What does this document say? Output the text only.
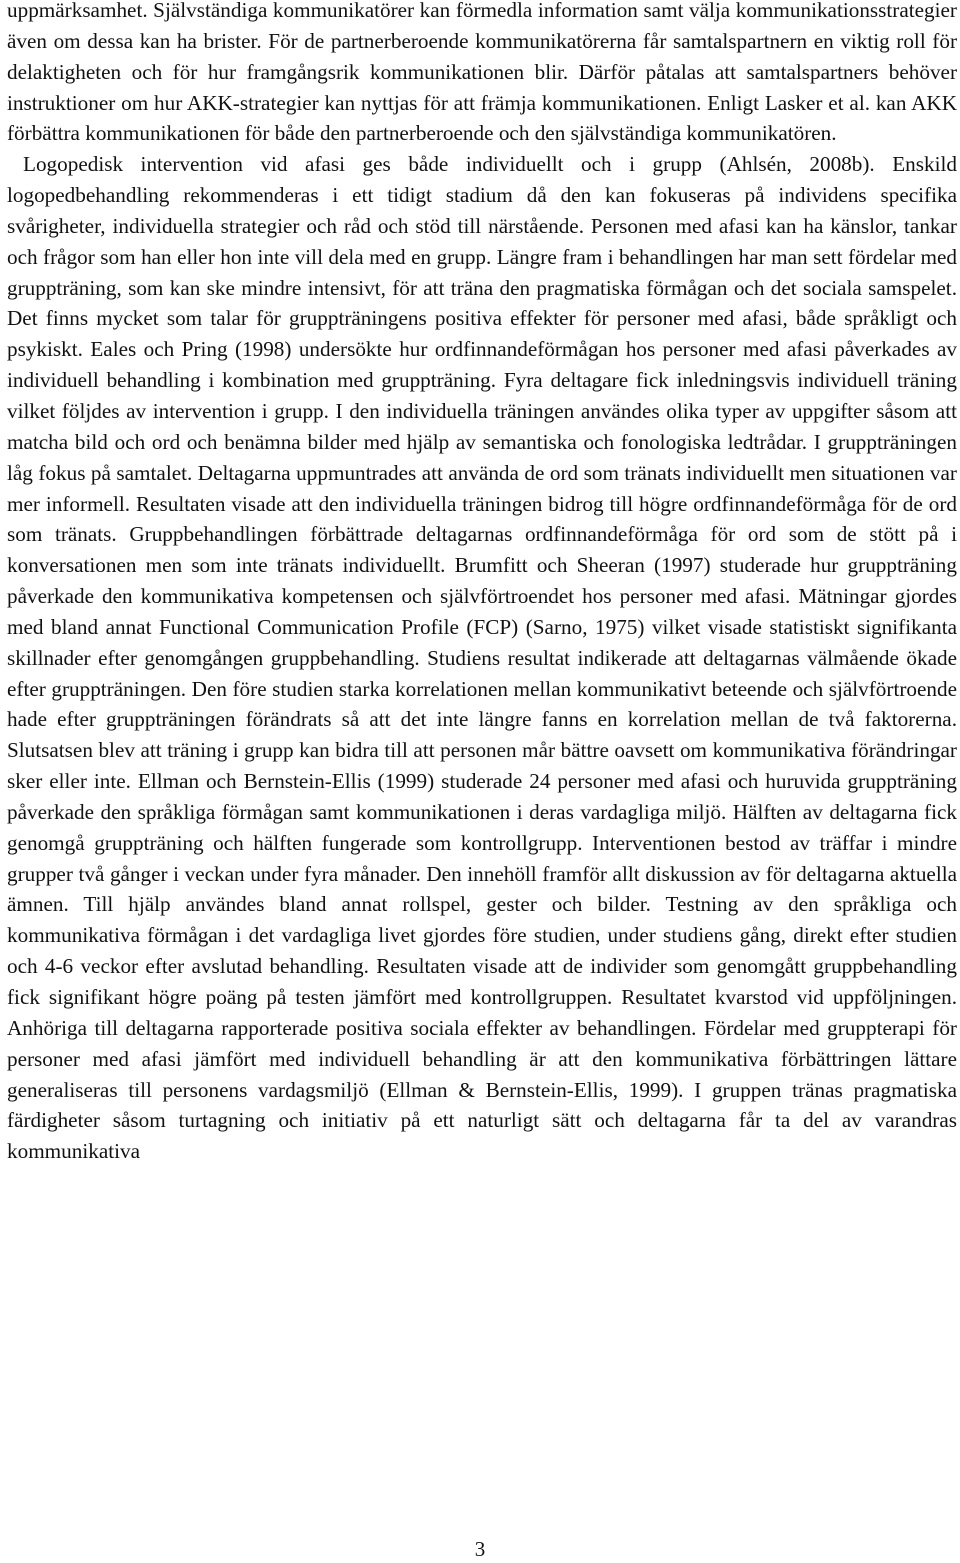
uppmärksamhet. Självständiga kommunikatörer kan förmedla information samt välja kommunikationsstrategier även om dessa kan ha brister. För de partnerberoende kommunikatörerna får samtalspartnern en viktig roll för delaktigheten och för hur framgångsrik kommunikationen blir. Därför påtalas att samtalspartners behöver instruktioner om hur AKK-strategier kan nyttjas för att främja kommunikationen. Enligt Lasker et al. kan AKK förbättra kommunikationen för både den partnerberoende och den självständiga kommunikatören.

Logopedisk intervention vid afasi ges både individuellt och i grupp (Ahlsén, 2008b). Enskild logopedbehandling rekommenderas i ett tidigt stadium då den kan fokuseras på individens specifika svårigheter, individuella strategier och råd och stöd till närstående. Personen med afasi kan ha känslor, tankar och frågor som han eller hon inte vill dela med en grupp. Längre fram i behandlingen har man sett fördelar med gruppträning, som kan ske mindre intensivt, för att träna den pragmatiska förmågan och det sociala samspelet. Det finns mycket som talar för gruppträningens positiva effekter för personer med afasi, både språkligt och psykiskt. Eales och Pring (1998) undersökte hur ordfinnandeförmågan hos personer med afasi påverkades av individuell behandling i kombination med gruppträning. Fyra deltagare fick inledningsvis individuell träning vilket följdes av intervention i grupp. I den individuella träningen användes olika typer av uppgifter såsom att matcha bild och ord och benämna bilder med hjälp av semantiska och fonologiska ledtrådar. I gruppträningen låg fokus på samtalet. Deltagarna uppmuntrades att använda de ord som tränats individuellt men situationen var mer informell. Resultaten visade att den individuella träningen bidrog till högre ordfinnandeförmåga för de ord som tränats. Gruppbehandlingen förbättrade deltagarnas ordfinnandeförmåga för ord som de stött på i konversationen men som inte tränats individuellt. Brumfitt och Sheeran (1997) studerade hur gruppträning påverkade den kommunikativa kompetensen och självförtroendet hos personer med afasi. Mätningar gjordes med bland annat Functional Communication Profile (FCP) (Sarno, 1975) vilket visade statistiskt signifikanta skillnader efter genomgången gruppbehandling. Studiens resultat indikerade att deltagarnas välmående ökade efter gruppträningen. Den före studien starka korrelationen mellan kommunikativt beteende och självförtroende hade efter gruppträningen förändrats så att det inte längre fanns en korrelation mellan de två faktorerna. Slutsatsen blev att träning i grupp kan bidra till att personen mår bättre oavsett om kommunikativa förändringar sker eller inte. Ellman och Bernstein-Ellis (1999) studerade 24 personer med afasi och huruvida gruppträning påverkade den språkliga förmågan samt kommunikationen i deras vardagliga miljö. Hälften av deltagarna fick genomgå gruppträning och hälften fungerade som kontrollgrupp. Interventionen bestod av träffar i mindre grupper två gånger i veckan under fyra månader. Den innehöll framför allt diskussion av för deltagarna aktuella ämnen. Till hjälp användes bland annat rollspel, gester och bilder. Testning av den språkliga och kommunikativa förmågan i det vardagliga livet gjordes före studien, under studiens gång, direkt efter studien och 4-6 veckor efter avslutad behandling. Resultaten visade att de individer som genomgått gruppbehandling fick signifikant högre poäng på testen jämfört med kontrollgruppen. Resultatet kvarstod vid uppföljningen. Anhöriga till deltagarna rapporterade positiva sociala effekter av behandlingen. Fördelar med gruppterapi för personer med afasi jämfört med individuell behandling är att den kommunikativa förbättringen lättare generaliseras till personens vardagsmiljö (Ellman & Bernstein-Ellis, 1999). I gruppen tränas pragmatiska färdigheter såsom turtagning och initiativ på ett naturligt sätt och deltagarna får ta del av varandras kommunikativa

3
